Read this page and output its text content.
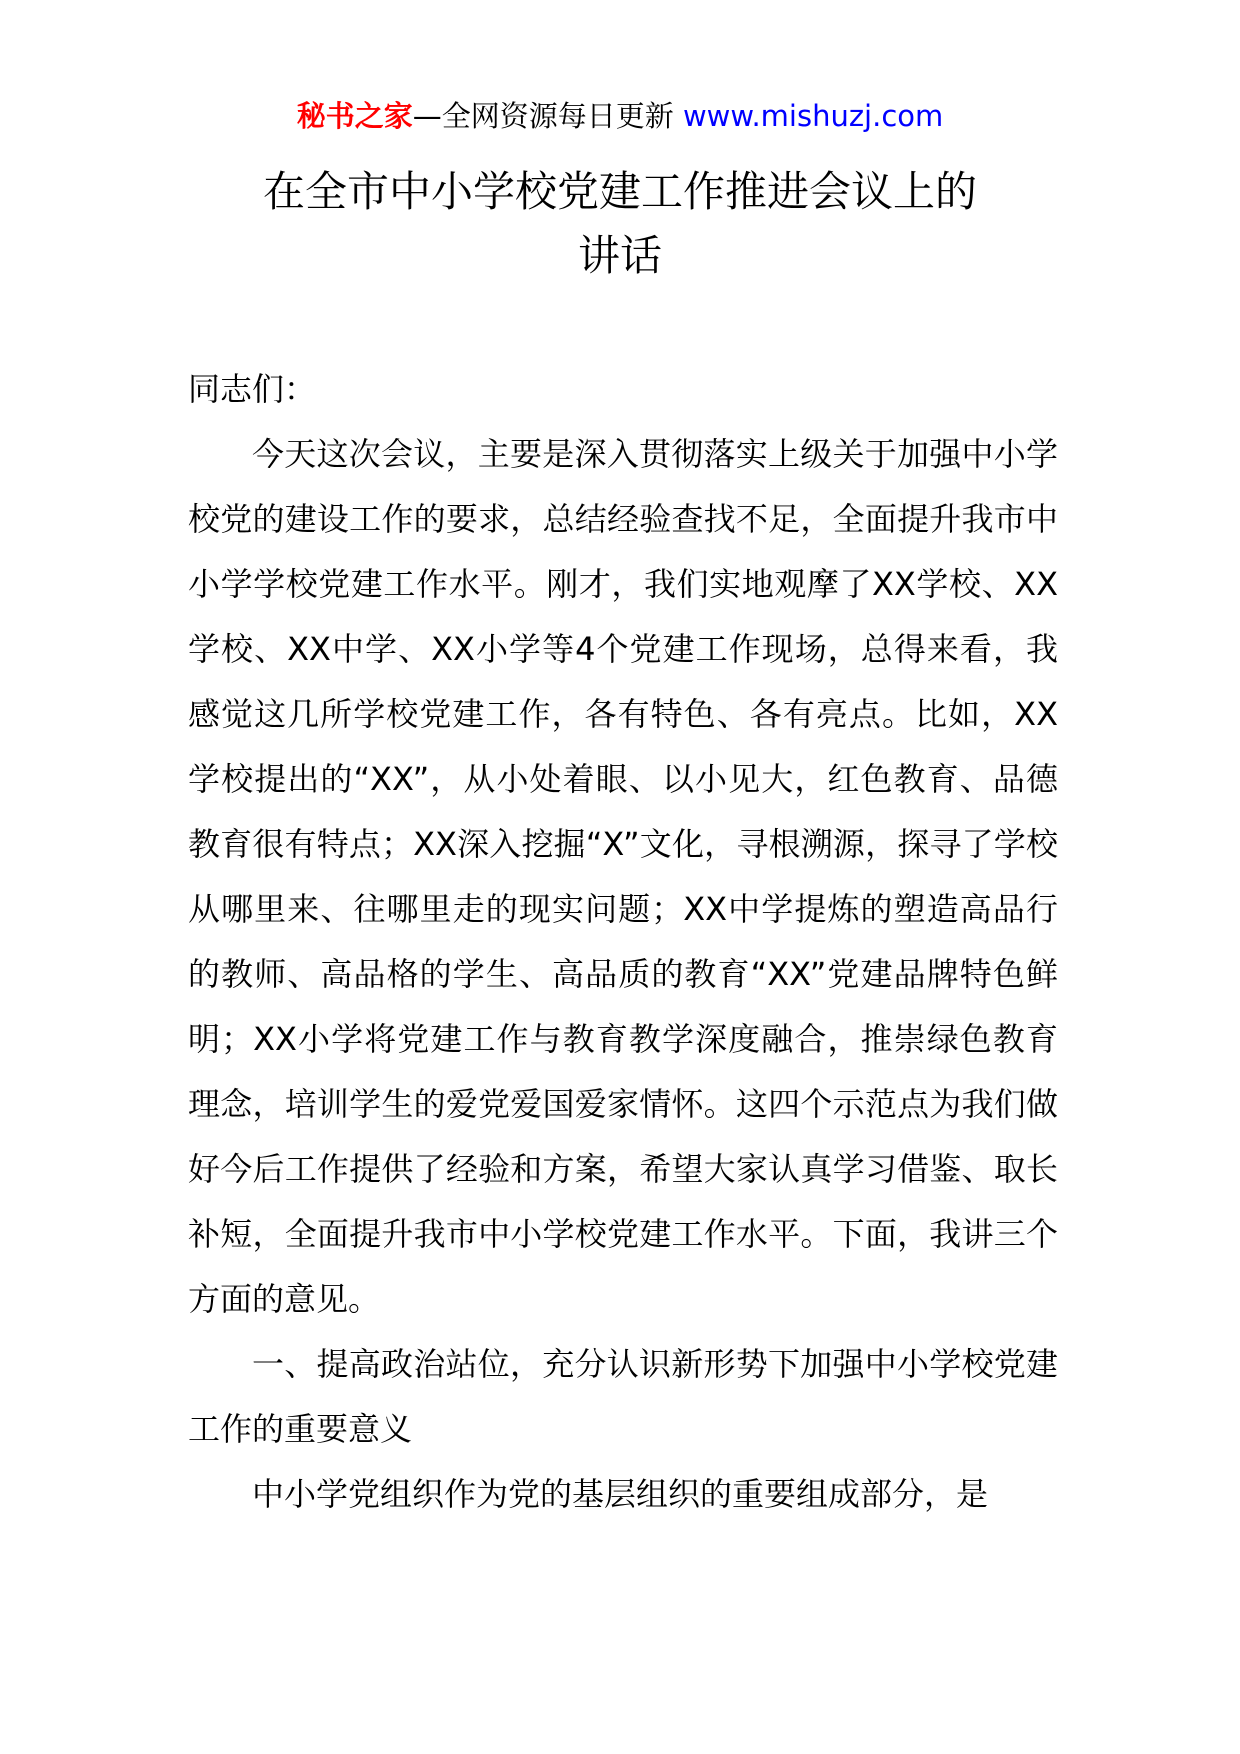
秘书之家—全网资源每日更新 www.mishuzj.com
在全市中小学校党建工作推进会议上的
讲话

同志们：

今天这次会议，主要是深入贯彻落实上级关于加强中小学校党的建设工作的要求，总结经验查找不足，全面提升我市中小学学校党建工作水平。刚才，我们实地观摩了XX学校、XX学校、XX中学、XX小学等4个党建工作现场，总得来看，我感觉这几所学校党建工作，各有特色、各有亮点。比如，XX学校提出的“XX”，从小处着眼、以小见大，红色教育、品德教育很有特点；XX深入挖掘“X”文化，寻根溯源，探寻了学校从哪里来、往哪里走的现实问题；XX中学提炼的塑造高品行的教师、高品格的学生、高品质的教育“XX”党建品牌特色鲜明；XX小学将党建工作与教育教学深度融合，推崇绿色教育理念，培训学生的爱党爱国爱家情怀。这四个示范点为我们做好今后工作提供了经验和方案，希望大家认真学习借鉴、取长补短，全面提升我市中小学校党建工作水平。下面，我讲三个方面的意见。

一、提高政治站位，充分认识新形势下加强中小学校党建工作的重要意义

中小学党组织作为党的基层组织的重要组成部分，是
